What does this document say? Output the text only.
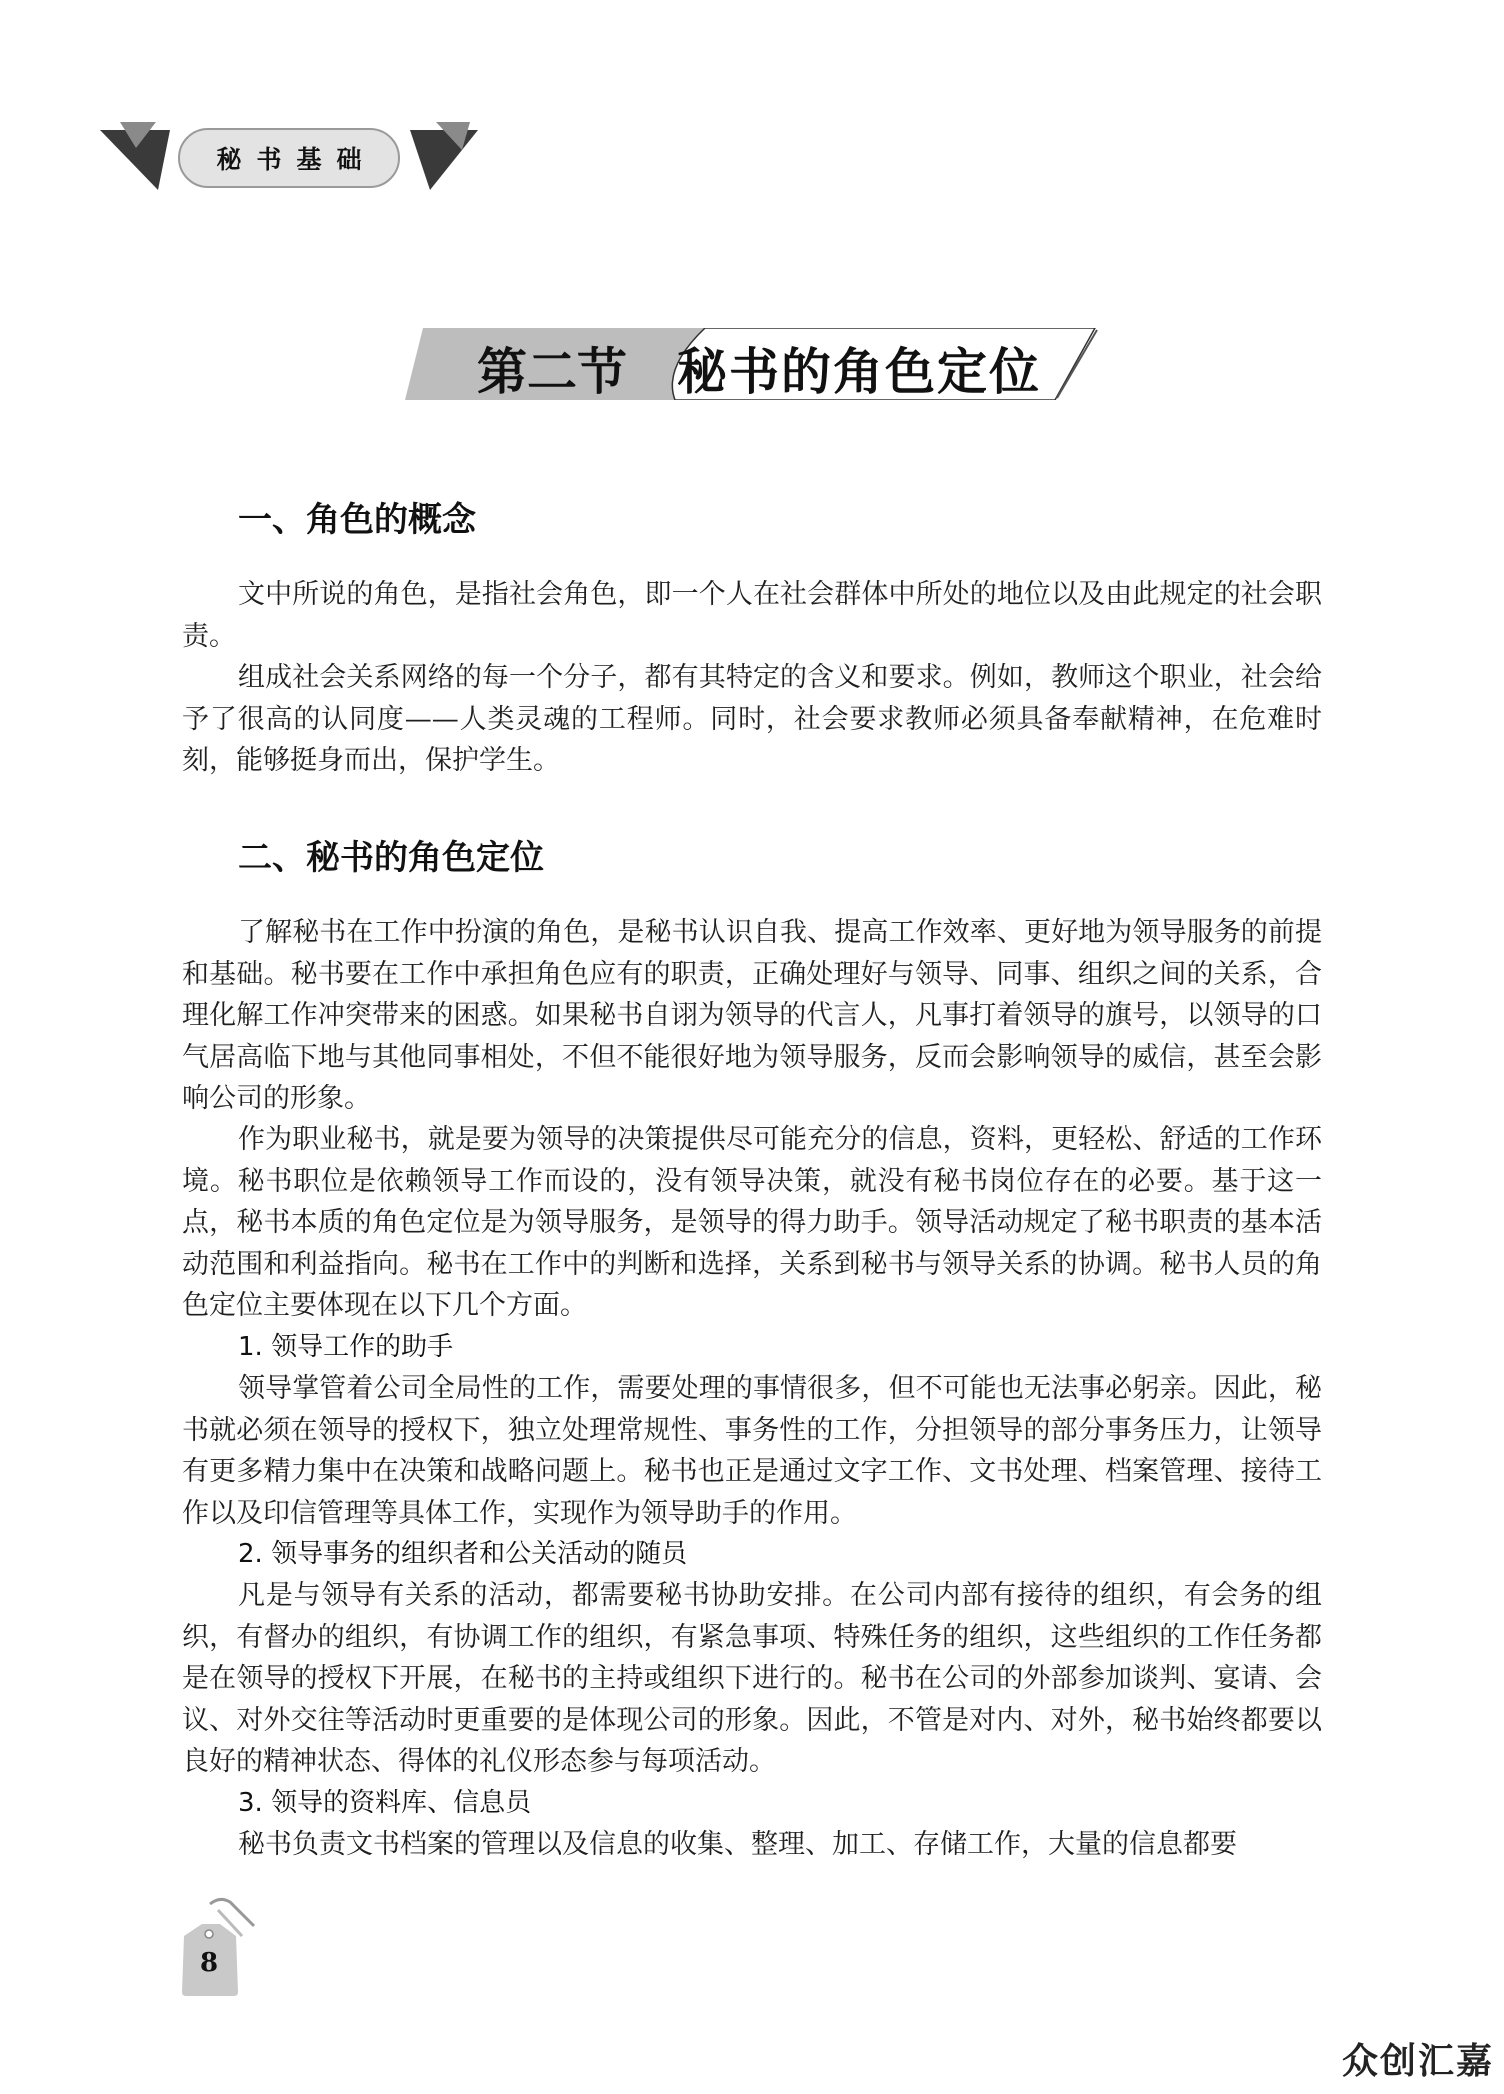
秘书基础
第二节 秘书的角色定位
一、角色的概念

文中所说的角色，是指社会角色，即一个人在社会群体中所处的地位以及由此规定的社会职责。

组成社会关系网络的每一个分子，都有其特定的含义和要求。例如，教师这个职业，社会给予了很高的认同度——人类灵魂的工程师。同时，社会要求教师必须具备奉献精神，在危难时刻，能够挺身而出，保护学生。

二、秘书的角色定位

了解秘书在工作中扮演的角色，是秘书认识自我、提高工作效率、更好地为领导服务的前提和基础。秘书要在工作中承担角色应有的职责，正确处理好与领导、同事、组织之间的关系，合理化解工作冲突带来的困惑。如果秘书自诩为领导的代言人，凡事打着领导的旗号，以领导的口气居高临下地与其他同事相处，不但不能很好地为领导服务，反而会影响领导的威信，甚至会影响公司的形象。

作为职业秘书，就是要为领导的决策提供尽可能充分的信息，资料，更轻松、舒适的工作环境。秘书职位是依赖领导工作而设的，没有领导决策，就没有秘书岗位存在的必要。基于这一点，秘书本质的角色定位是为领导服务，是领导的得力助手。领导活动规定了秘书职责的基本活动范围和利益指向。秘书在工作中的判断和选择，关系到秘书与领导关系的协调。秘书人员的角色定位主要体现在以下几个方面。

1. 领导工作的助手

领导掌管着公司全局性的工作，需要处理的事情很多，但不可能也无法事必躬亲。因此，秘书就必须在领导的授权下，独立处理常规性、事务性的工作，分担领导的部分事务压力，让领导有更多精力集中在决策和战略问题上。秘书也正是通过文字工作、文书处理、档案管理、接待工作以及印信管理等具体工作，实现作为领导助手的作用。

2. 领导事务的组织者和公关活动的随员

凡是与领导有关系的活动，都需要秘书协助安排。在公司内部有接待的组织，有会务的组织，有督办的组织，有协调工作的组织，有紧急事项、特殊任务的组织，这些组织的工作任务都是在领导的授权下开展，在秘书的主持或组织下进行的。秘书在公司的外部参加谈判、宴请、会议、对外交往等活动时更重要的是体现公司的形象。因此，不管是对内、对外，秘书始终都要以良好的精神状态、得体的礼仪形态参与每项活动。

3. 领导的资料库、信息员

秘书负责文书档案的管理以及信息的收集、整理、加工、存储工作，大量的信息都要

8
众创汇嘉
